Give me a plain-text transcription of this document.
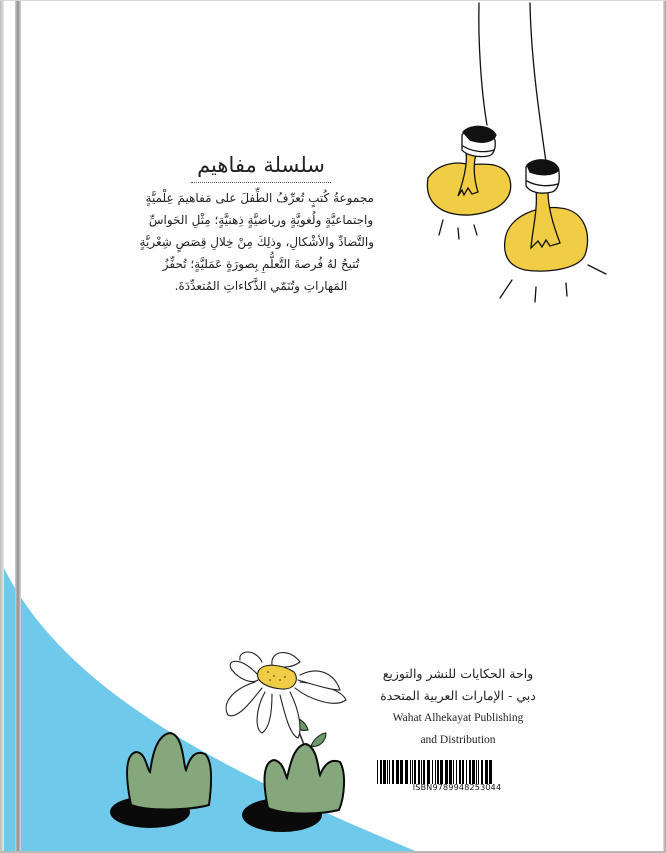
سلسلة مفاهيم
مجموعةُ كُتبٍ تُعرِّفُ الطِّفلَ على مَفاهيمَ عِلْميَّةٍ
واجتماعيَّةٍ ولُغويَّةٍ ورياضيَّةٍ ذِهنيَّةٍ؛ مِثْلِ الحَواسِّ
والتَّضادِّ والأشْكالِ، وذلِكَ مِنْ خِلالِ قِصَصٍ شِعْريَّةٍ
تُتيحُ لهُ فُرصةَ التَّعلُّمِ بِصورَةٍ عَمَليَّةٍ؛ تُحفِّزُ
المَهاراتِ وتُنَمّي الذَّكاءاتِ المُتعدِّدَةَ.
واحة الحكايات للنشر والتوزيع
دبي - الإمارات العربية المتحدة
Wahat Alhekayat Publishing
and Distribution
ISBN9789948253044
